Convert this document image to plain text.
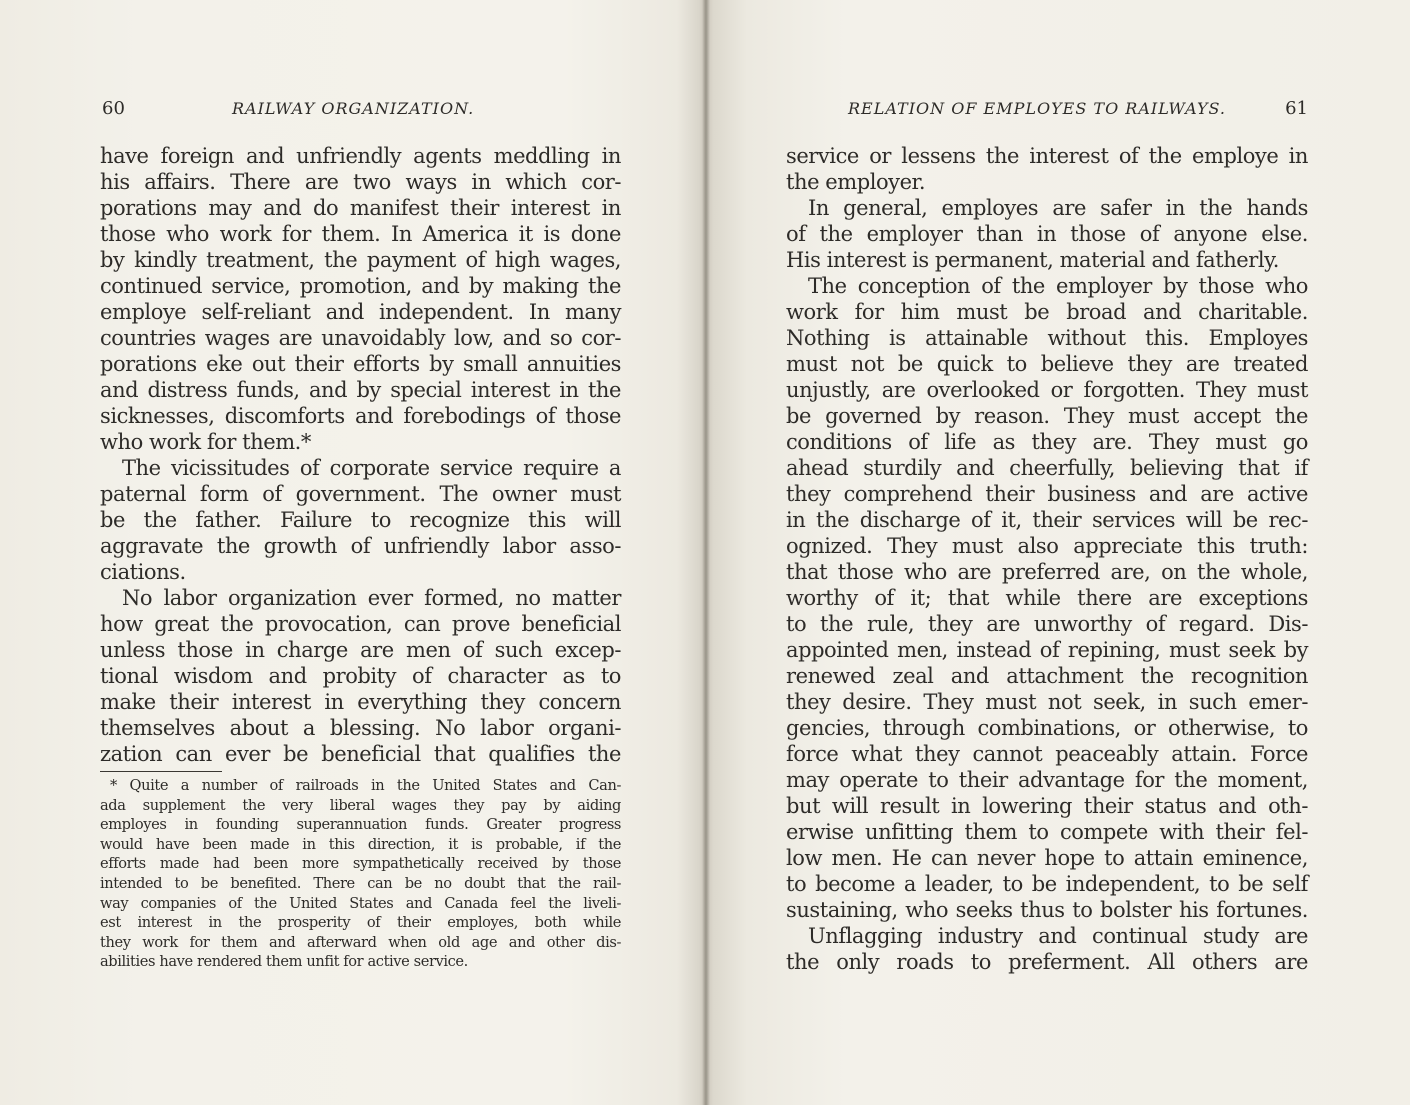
60	RAILWAY ORGANIZATION.
have foreign and unfriendly agents meddling in
his affairs. There are two ways in which cor-
porations may and do manifest their interest in
those who work for them. In America it is done
by kindly treatment, the payment of high wages,
continued service, promotion, and by making the
employe self-reliant and independent. In many
countries wages are unavoidably low, and so cor-
porations eke out their efforts by small annuities
and distress funds, and by special interest in the
sicknesses, discomforts and forebodings of those
who work for them.*
The vicissitudes of corporate service require a
paternal form of government. The owner must
be the father. Failure to recognize this will
aggravate the growth of unfriendly labor asso-
ciations.
No labor organization ever formed, no matter
how great the provocation, can prove beneficial
unless those in charge are men of such excep-
tional wisdom and probity of character as to
make their interest in everything they concern
themselves about a blessing. No labor organi-
zation can ever be beneficial that qualifies the
* Quite a number of railroads in the United States and Can-
ada supplement the very liberal wages they pay by aiding
employes in founding superannuation funds. Greater progress
would have been made in this direction, it is probable, if the
efforts made had been more sympathetically received by those
intended to be benefited. There can be no doubt that the rail-
way companies of the United States and Canada feel the liveli-
est interest in the prosperity of their employes, both while
they work for them and afterward when old age and other dis-
abilities have rendered them unfit for active service.
RELATION OF EMPLOYES TO RAILWAYS.	61
service or lessens the interest of the employe in
the employer.
In general, employes are safer in the hands
of the employer than in those of anyone else.
His interest is permanent, material and fatherly.
The conception of the employer by those who
work for him must be broad and charitable.
Nothing is attainable without this. Employes
must not be quick to believe they are treated
unjustly, are overlooked or forgotten. They must
be governed by reason. They must accept the
conditions of life as they are. They must go
ahead sturdily and cheerfully, believing that if
they comprehend their business and are active
in the discharge of it, their services will be rec-
ognized. They must also appreciate this truth:
that those who are preferred are, on the whole,
worthy of it; that while there are exceptions
to the rule, they are unworthy of regard. Dis-
appointed men, instead of repining, must seek by
renewed zeal and attachment the recognition
they desire. They must not seek, in such emer-
gencies, through combinations, or otherwise, to
force what they cannot peaceably attain. Force
may operate to their advantage for the moment,
but will result in lowering their status and oth-
erwise unfitting them to compete with their fel-
low men. He can never hope to attain eminence,
to become a leader, to be independent, to be self
sustaining, who seeks thus to bolster his fortunes.
Unflagging industry and continual study are
the only roads to preferment. All others are
